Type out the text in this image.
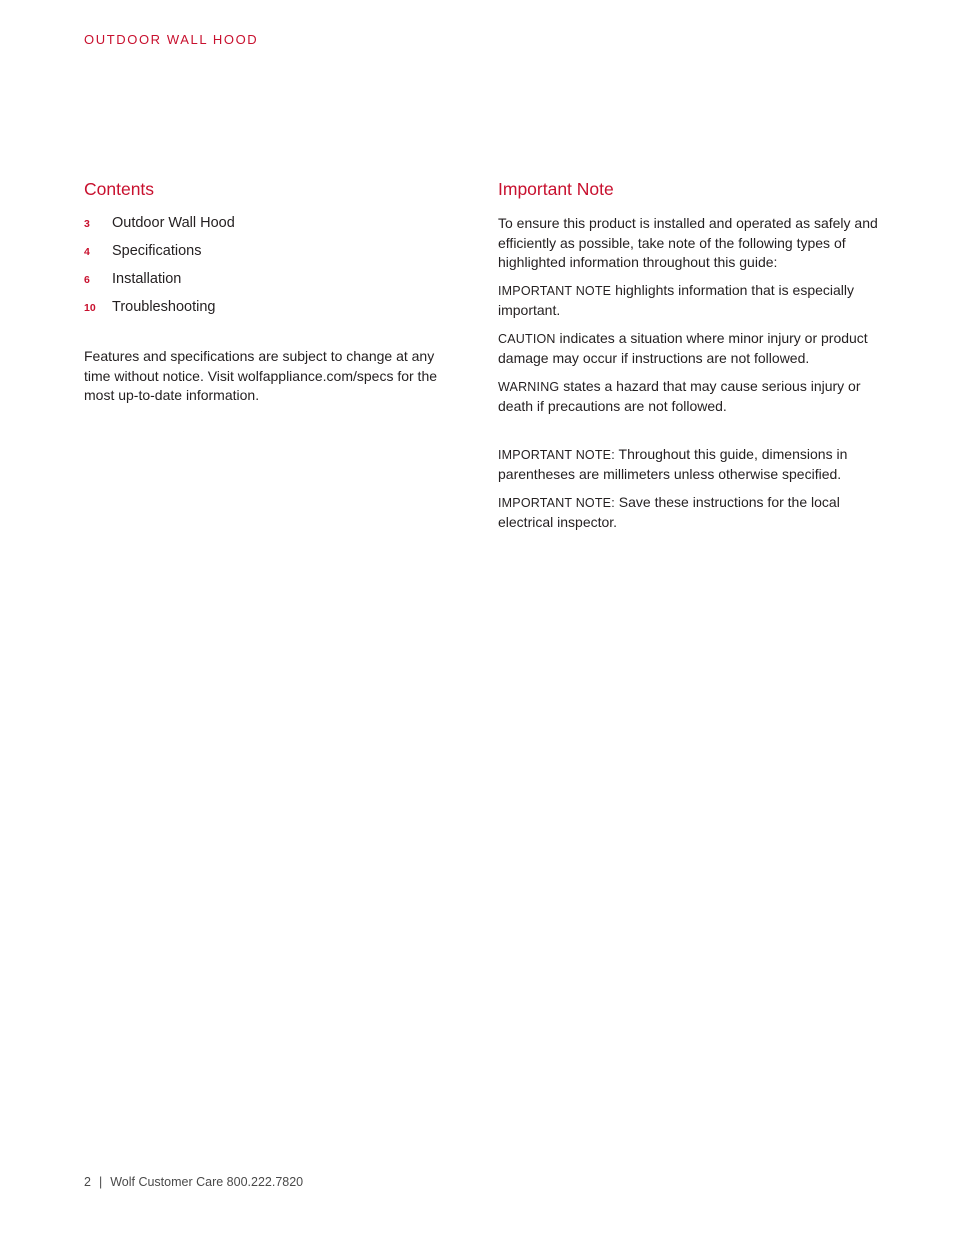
OUTDOOR WALL HOOD
Contents
3	Outdoor Wall Hood
4	Specifications
6	Installation
10	Troubleshooting

Features and specifications are subject to change at any time without notice. Visit wolfappliance.com/specs for the most up-to-date information.

Important Note

To ensure this product is installed and operated as safely and efficiently as possible, take note of the following types of highlighted information throughout this guide:

IMPORTANT NOTE highlights information that is especially important.

CAUTION indicates a situation where minor injury or product damage may occur if instructions are not followed.

WARNING states a hazard that may cause serious injury or death if precautions are not followed.

IMPORTANT NOTE: Throughout this guide, dimensions in parentheses are millimeters unless otherwise specified.

IMPORTANT NOTE: Save these instructions for the local electrical inspector.

2 | Wolf Customer Care 800.222.7820
